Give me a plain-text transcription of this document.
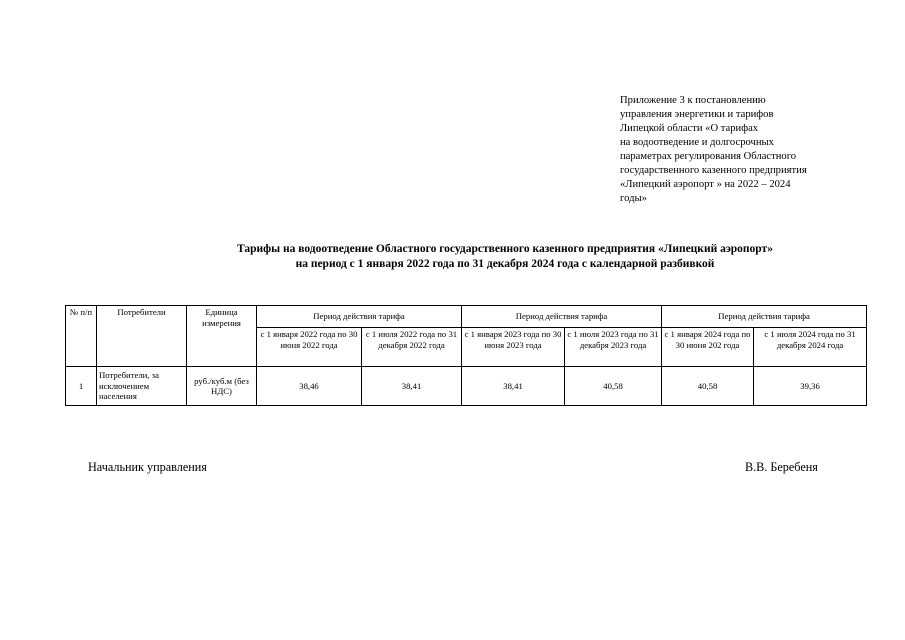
Приложение 3 к постановлению
управления энергетики и тарифов
Липецкой области «О тарифах
на водоотведение и долгосрочных
параметрах регулирования Областного
государственного казенного предприятия
«Липецкий аэропорт » на 2022 – 2024
годы»
Тарифы на водоотведение Областного государственного казенного предприятия «Липецкий аэропорт»
на период с 1 января 2022 года по 31 декабря 2024 года с календарной разбивкой
№ п/п	Потребители	Единица измерения	Период действия тарифа		Период действия тарифа		Период действия тарифа	
			с 1 января 2022 года по 30 июня 2022 года	с 1 июля 2022 года по 31 декабря 2022 года	с 1 января 2023 года по 30 июня 2023 года	с 1 июля 2023 года по 31 декабря 2023 года	с 1 января 2024 года по 30 июня 202 года	с 1 июля 2024 года по 31 декабря 2024 года
1	Потребители, за исключением населения	руб./куб.м (без НДС)	38,46	38,41	38,41	40,58	40,58	39,36
Начальник управления	В.В. Беребеня
